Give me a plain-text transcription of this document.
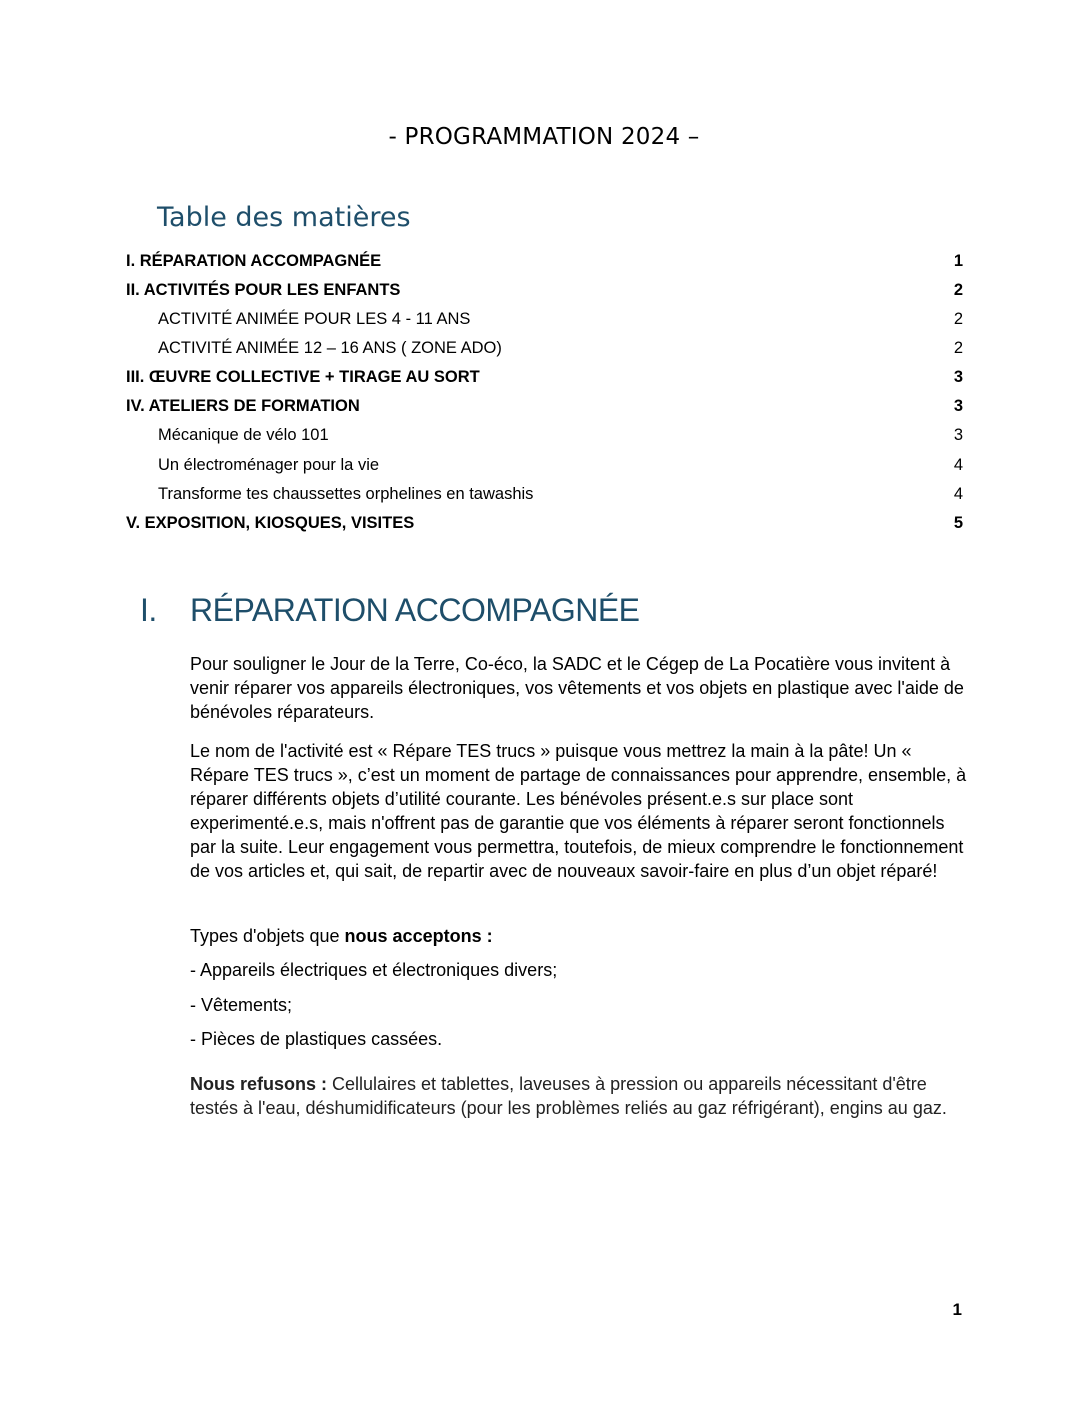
- PROGRAMMATION 2024 –
Table des matières
I. RÉPARATION ACCOMPAGNÉE	1
II. ACTIVITÉS POUR LES ENFANTS	2
ACTIVITÉ ANIMÉE POUR LES 4 - 11 ANS	2
ACTIVITÉ ANIMÉE 12 – 16 ANS ( ZONE ADO)	2
III. ŒUVRE COLLECTIVE + TIRAGE AU SORT	3
IV. ATELIERS DE FORMATION	3
Mécanique de vélo 101	3
Un électroménager pour la vie	4
Transforme tes chaussettes orphelines en tawashis	4
V. EXPOSITION, KIOSQUES, VISITES	5
I. RÉPARATION ACCOMPAGNÉE
Pour souligner le Jour de la Terre, Co-éco, la SADC et le Cégep de La Pocatière vous invitent à venir réparer vos appareils électroniques, vos vêtements et vos objets en plastique avec l'aide de bénévoles réparateurs.
Le nom de l'activité est « Répare TES trucs » puisque vous mettrez la main à la pâte! Un « Répare TES trucs », c’est un moment de partage de connaissances pour apprendre, ensemble, à réparer différents objets d’utilité courante. Les bénévoles présent.e.s sur place sont experimenté.e.s, mais n'offrent pas de garantie que vos éléments à réparer seront fonctionnels par la suite. Leur engagement vous permettra, toutefois, de mieux comprendre le fonctionnement de vos articles et, qui sait, de repartir avec de nouveaux savoir-faire en plus d’un objet réparé!
Types d'objets que nous acceptons :
- Appareils électriques et électroniques divers;
- Vêtements;
- Pièces de plastiques cassées.
Nous refusons : Cellulaires et tablettes, laveuses à pression ou appareils nécessitant d'être testés à l'eau, déshumidificateurs (pour les problèmes reliés au gaz réfrigérant), engins au gaz.
1
